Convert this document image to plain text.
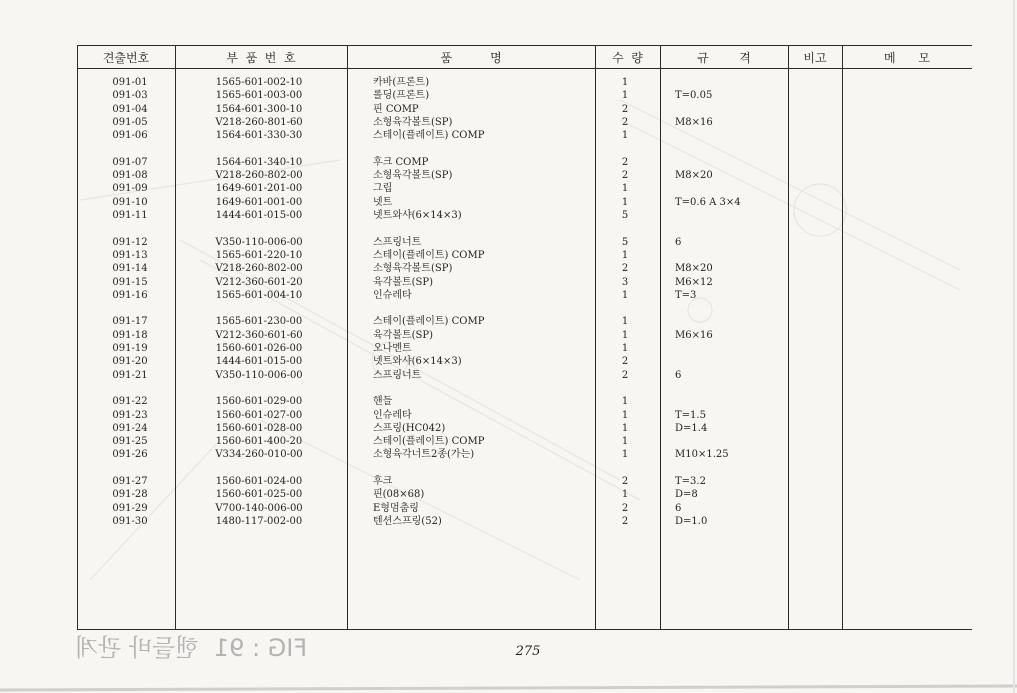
견출번호	부  품  번  호	품          명	수  량	규        격	비고	메      모
091-01	1565-601-002-10	카바(프론트)	1
091-03	1565-601-003-00	롤딩(프론트)	1	T=0.05
091-04	1564-601-300-10	핀 COMP	2
091-05	V218-260-801-60	소형육각볼트(SP)	2	M8×16
091-06	1564-601-330-30	스테이(플레이트) COMP	1
091-07	1564-601-340-10	후크 COMP	2
091-08	V218-260-802-00	소형육각볼트(SP)	2	M8×20
091-09	1649-601-201-00	그립	1
091-10	1649-601-001-00	넷트	1	T=0.6 A 3×4
091-11	1444-601-015-00	넷트와샤(6×14×3)	5
091-12	V350-110-006-00	스프링너트	5	6
091-13	1565-601-220-10	스테이(플레이트) COMP	1
091-14	V218-260-802-00	소형육각볼트(SP)	2	M8×20
091-15	V212-360-601-20	육각볼트(SP)	3	M6×12
091-16	1565-601-004-10	인슈레타	1	T=3
091-17	1565-601-230-00	스테이(플레이트) COMP	1
091-18	V212-360-601-60	육각볼트(SP)	1	M6×16
091-19	1560-601-026-00	오나멘트	1
091-20	1444-601-015-00	넷트와샤(6×14×3)	2
091-21	V350-110-006-00	스프링너트	2	6
091-22	1560-601-029-00	핸들	1
091-23	1560-601-027-00	인슈레타	1	T=1.5
091-24	1560-601-028-00	스프링(HC042)	1	D=1.4
091-25	1560-601-400-20	스테이(플레이트) COMP	1
091-26	V334-260-010-00	소형육각너트2종(가는)	1	M10×1.25
091-27	1560-601-024-00	후크	2	T=3.2
091-28	1560-601-025-00	핀(08×68)	1	D=8
091-29	V700-140-006-00	E형멈춤링	2	6
091-30	1480-117-002-00	텐션스프링(52)	2	D=1.0
275
FIG : 91  핸들바 관계
